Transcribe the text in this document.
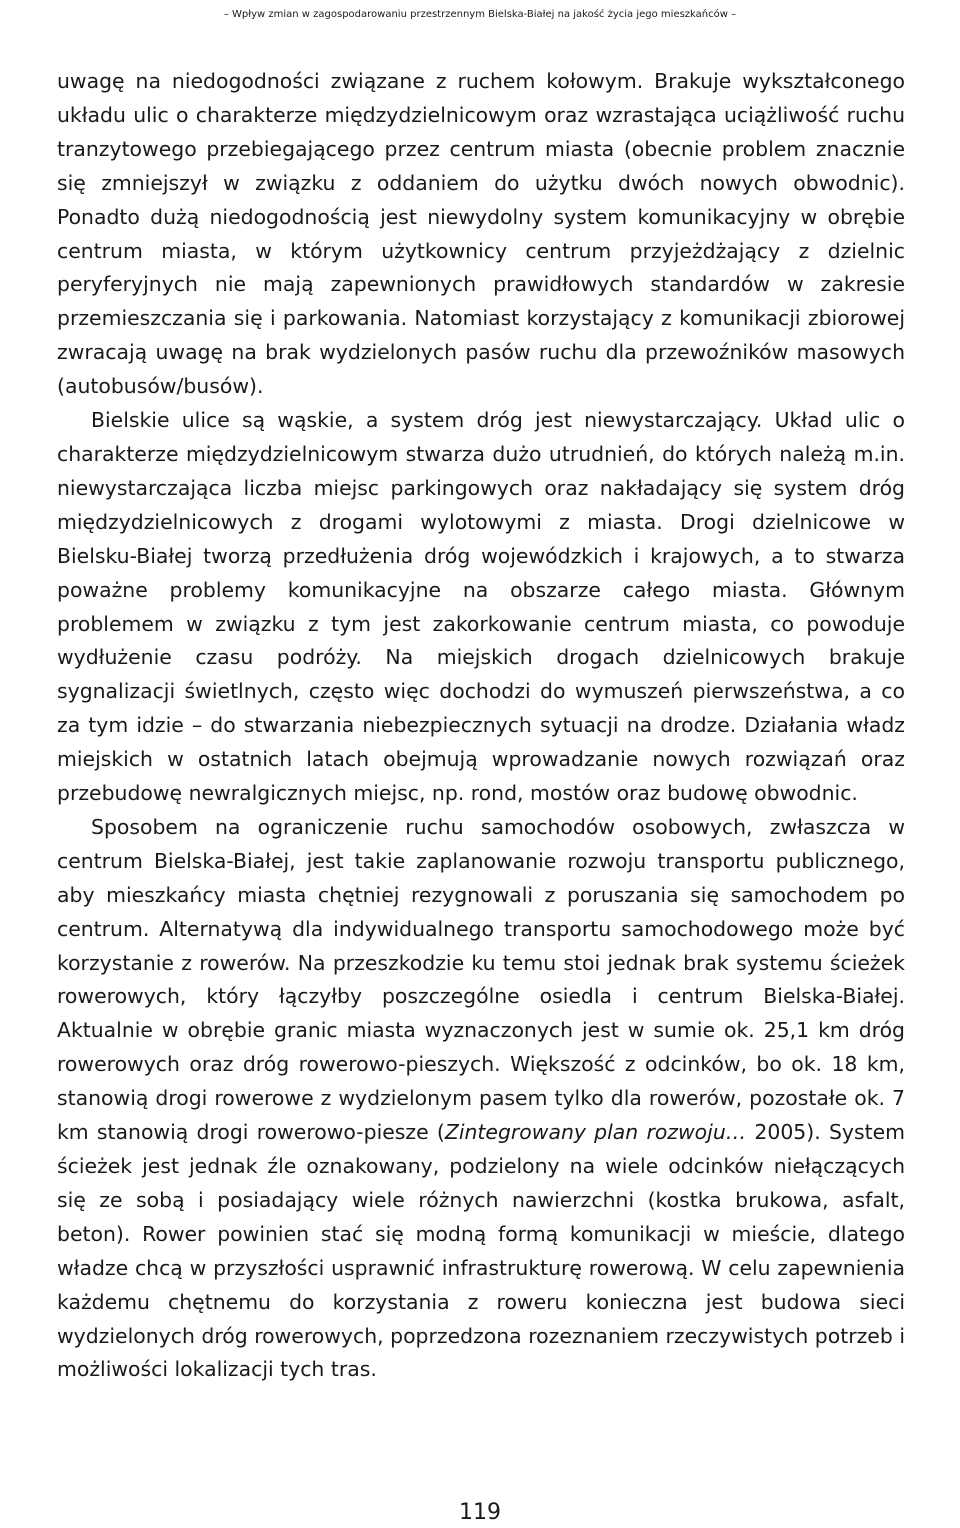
– Wpływ zmian w zagospodarowaniu przestrzennym Bielska-Białej na jakość życia jego mieszkańców –

uwagę na niedogodności związane z ruchem kołowym. Brakuje wykształconego układu ulic o charakterze międzydzielnicowym oraz wzrastająca uciążliwość ruchu tranzytowego przebiegającego przez centrum miasta (obecnie problem znacznie się zmniejszył w związku z oddaniem do użytku dwóch nowych obwodnic). Ponadto dużą niedogodnością jest niewydolny system komunikacyjny w obrębie centrum miasta, w którym użytkownicy centrum przyjeżdżający z dzielnic peryferyjnych nie mają zapewnionych prawidłowych standardów w zakresie przemieszczania się i parkowania. Natomiast korzystający z komunikacji zbiorowej zwracają uwagę na brak wydzielonych pasów ruchu dla przewoźników masowych (autobusów/busów).

Bielskie ulice są wąskie, a system dróg jest niewystarczający. Układ ulic o charakterze międzydzielnicowym stwarza dużo utrudnień, do których należą m.in. niewystarczająca liczba miejsc parkingowych oraz nakładający się system dróg międzydzielnicowych z drogami wylotowymi z miasta. Drogi dzielnicowe w Bielsku-Białej tworzą przedłużenia dróg wojewódzkich i krajowych, a to stwarza poważne problemy komunikacyjne na obszarze całego miasta. Głównym problemem w związku z tym jest zakorkowanie centrum miasta, co powoduje wydłużenie czasu podróży. Na miejskich drogach dzielnicowych brakuje sygnalizacji świetlnych, często więc dochodzi do wymuszeń pierwszeństwa, a co za tym idzie – do stwarzania niebezpiecznych sytuacji na drodze. Działania władz miejskich w ostatnich latach obejmują wprowadzanie nowych rozwiązań oraz przebudowę newralgicznych miejsc, np. rond, mostów oraz budowę obwodnic.

Sposobem na ograniczenie ruchu samochodów osobowych, zwłaszcza w centrum Bielska-Białej, jest takie zaplanowanie rozwoju transportu publicznego, aby mieszkańcy miasta chętniej rezygnowali z poruszania się samochodem po centrum. Alternatywą dla indywidualnego transportu samochodowego może być korzystanie z rowerów. Na przeszkodzie ku temu stoi jednak brak systemu ścieżek rowerowych, który łączyłby poszczególne osiedla i centrum Bielska-Białej. Aktualnie w obrębie granic miasta wyznaczonych jest w sumie ok. 25,1 km dróg rowerowych oraz dróg rowerowo-pieszych. Większość z odcinków, bo ok. 18 km, stanowią drogi rowerowe z wydzielonym pasem tylko dla rowerów, pozostałe ok. 7 km stanowią drogi rowerowo-piesze (Zintegrowany plan rozwoju… 2005). System ścieżek jest jednak źle oznakowany, podzielony na wiele odcinków niełączących się ze sobą i posiadający wiele różnych nawierzchni (kostka brukowa, asfalt, beton). Rower powinien stać się modną formą komunikacji w mieście, dlatego władze chcą w przyszłości usprawnić infrastrukturę rowerową. W celu zapewnienia każdemu chętnemu do korzystania z roweru konieczna jest budowa sieci wydzielonych dróg rowerowych, poprzedzona rozeznaniem rzeczywistych potrzeb i możliwości lokalizacji tych tras.

119
